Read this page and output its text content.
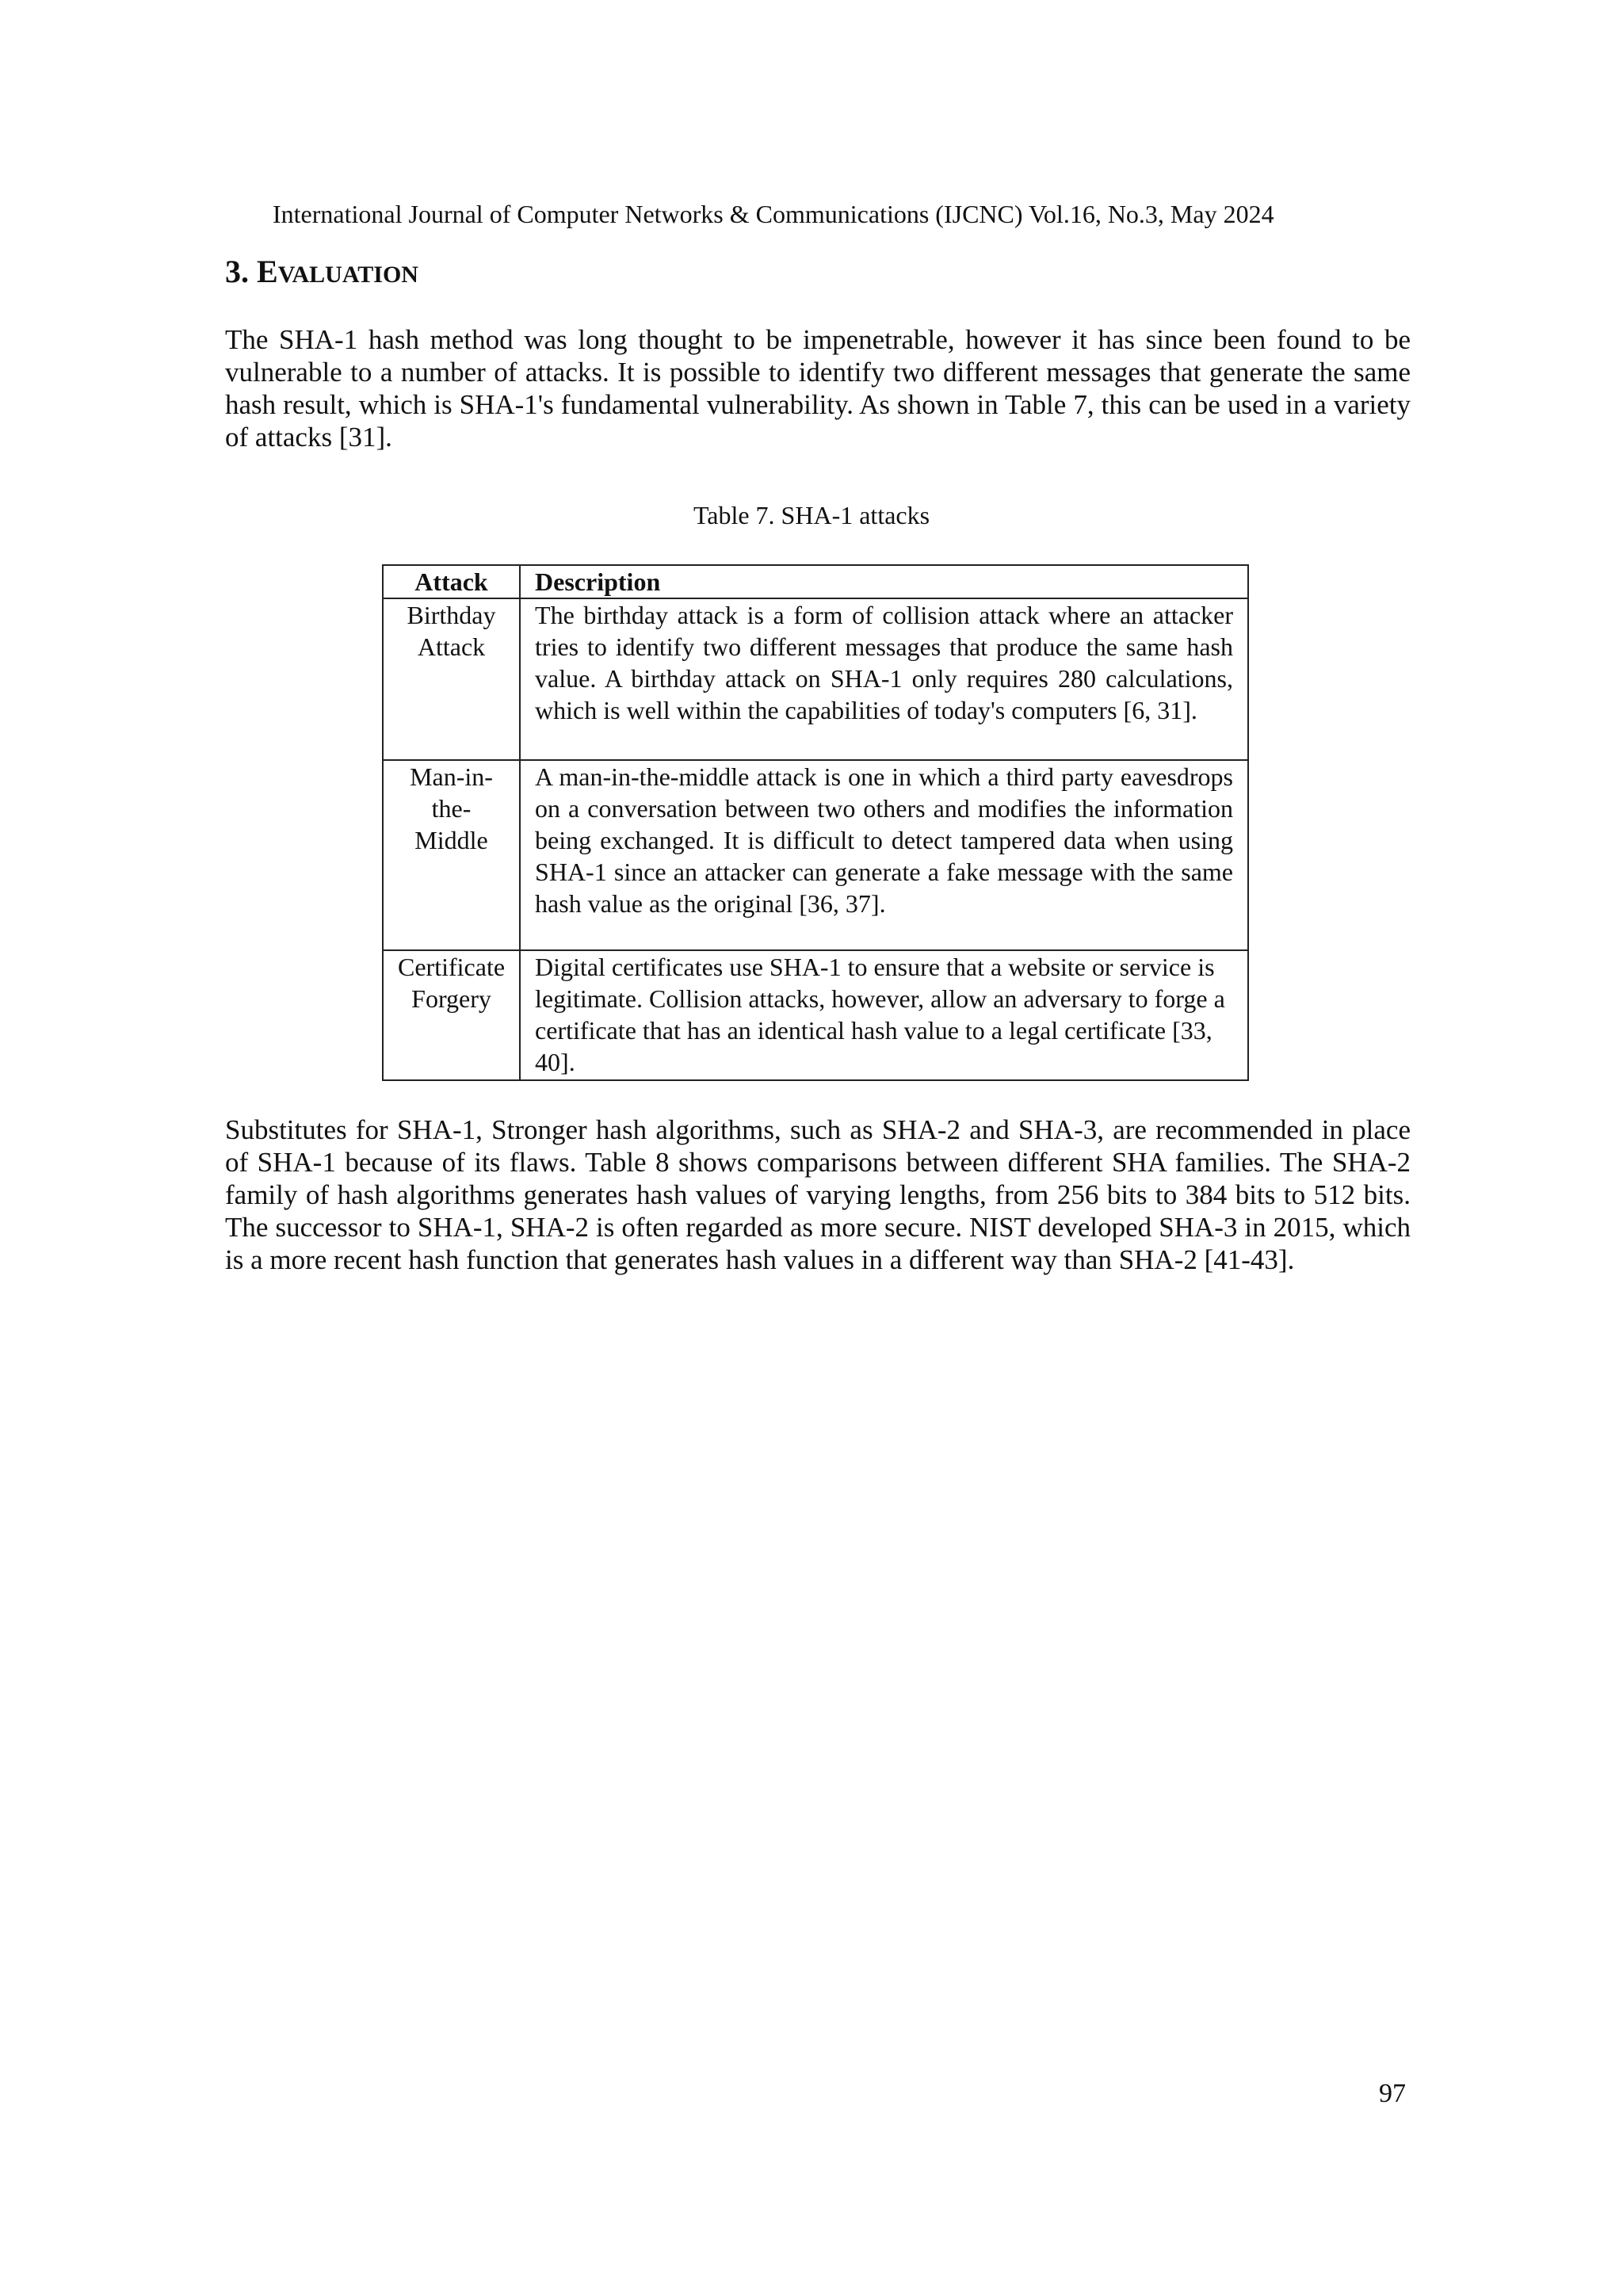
International Journal of Computer Networks & Communications (IJCNC) Vol.16, No.3, May 2024
3. EVALUATION

The SHA-1 hash method was long thought to be impenetrable, however it has since been found to be vulnerable to a number of attacks. It is possible to identify two different messages that generate the same hash result, which is SHA-1's fundamental vulnerability. As shown in Table 7, this can be used in a variety of attacks [31].

Table 7. SHA-1 attacks
Attack	Description
Birthday Attack	The birthday attack is a form of collision attack where an attacker tries to identify two different messages that produce the same hash value. A birthday attack on SHA-1 only requires 280 calculations, which is well within the capabilities of today's computers [6, 31].
Man-in-the-Middle	A man-in-the-middle attack is one in which a third party eavesdrops on a conversation between two others and modifies the information being exchanged. It is difficult to detect tampered data when using SHA-1 since an attacker can generate a fake message with the same hash value as the original [36, 37].
Certificate Forgery	Digital certificates use SHA-1 to ensure that a website or service is legitimate. Collision attacks, however, allow an adversary to forge a certificate that has an identical hash value to a legal certificate [33, 40].

Substitutes for SHA-1, Stronger hash algorithms, such as SHA-2 and SHA-3, are recommended in place of SHA-1 because of its flaws. Table 8 shows comparisons between different SHA families. The SHA-2 family of hash algorithms generates hash values of varying lengths, from 256 bits to 384 bits to 512 bits. The successor to SHA-1, SHA-2 is often regarded as more secure. NIST developed SHA-3 in 2015, which is a more recent hash function that generates hash values in a different way than SHA-2 [41-43].

97
